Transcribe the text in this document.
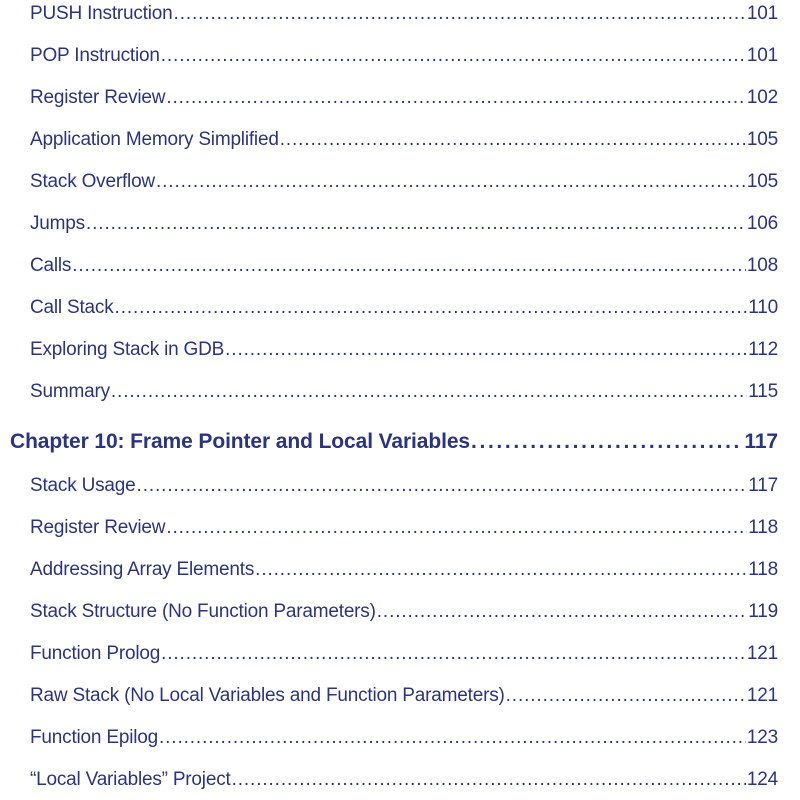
PUSH Instruction . . .	101
POP Instruction . . .	101
Register Review . . .	102
Application Memory Simplified . . .	105
Stack Overflow . . .	105
Jumps . . .	106
Calls . . .	108
Call Stack . . .	110
Exploring Stack in GDB . . .	112
Summary . . .	115
Chapter 10: Frame Pointer and Local Variables . . .	117
Stack Usage . . .	117
Register Review . . .	118
Addressing Array Elements . . .	118
Stack Structure (No Function Parameters) . . .	119
Function Prolog . . .	121
Raw Stack (No Local Variables and Function Parameters) . . .	121
Function Epilog . . .	123
“Local Variables” Project . . .	124
